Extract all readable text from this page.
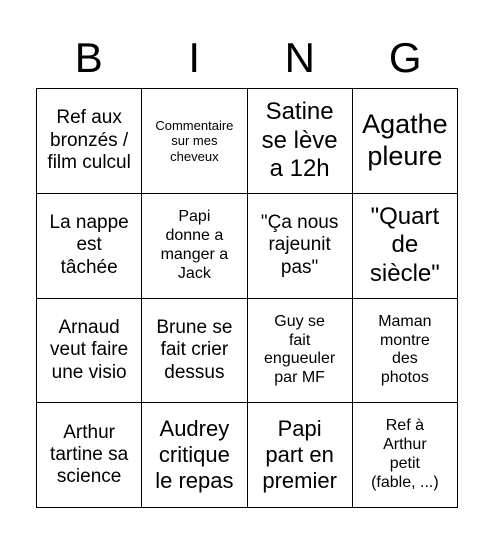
B	I	N	G
Ref aux
bronzés /
film culcul
Commentaire
sur mes
cheveux
Satine
se lève
a 12h
Agathe
pleure
La nappe
est
tâchée
Papi
donne a
manger a
Jack
"Ça nous
rajeunit
pas"
"Quart
de
siècle"
Arnaud
veut faire
une visio
Brune se
fait crier
dessus
Guy se
fait
engueuler
par MF
Maman
montre
des
photos
Arthur
tartine sa
science
Audrey
critique
le repas
Papi
part en
premier
Ref à
Arthur
petit
(fable, ...)
